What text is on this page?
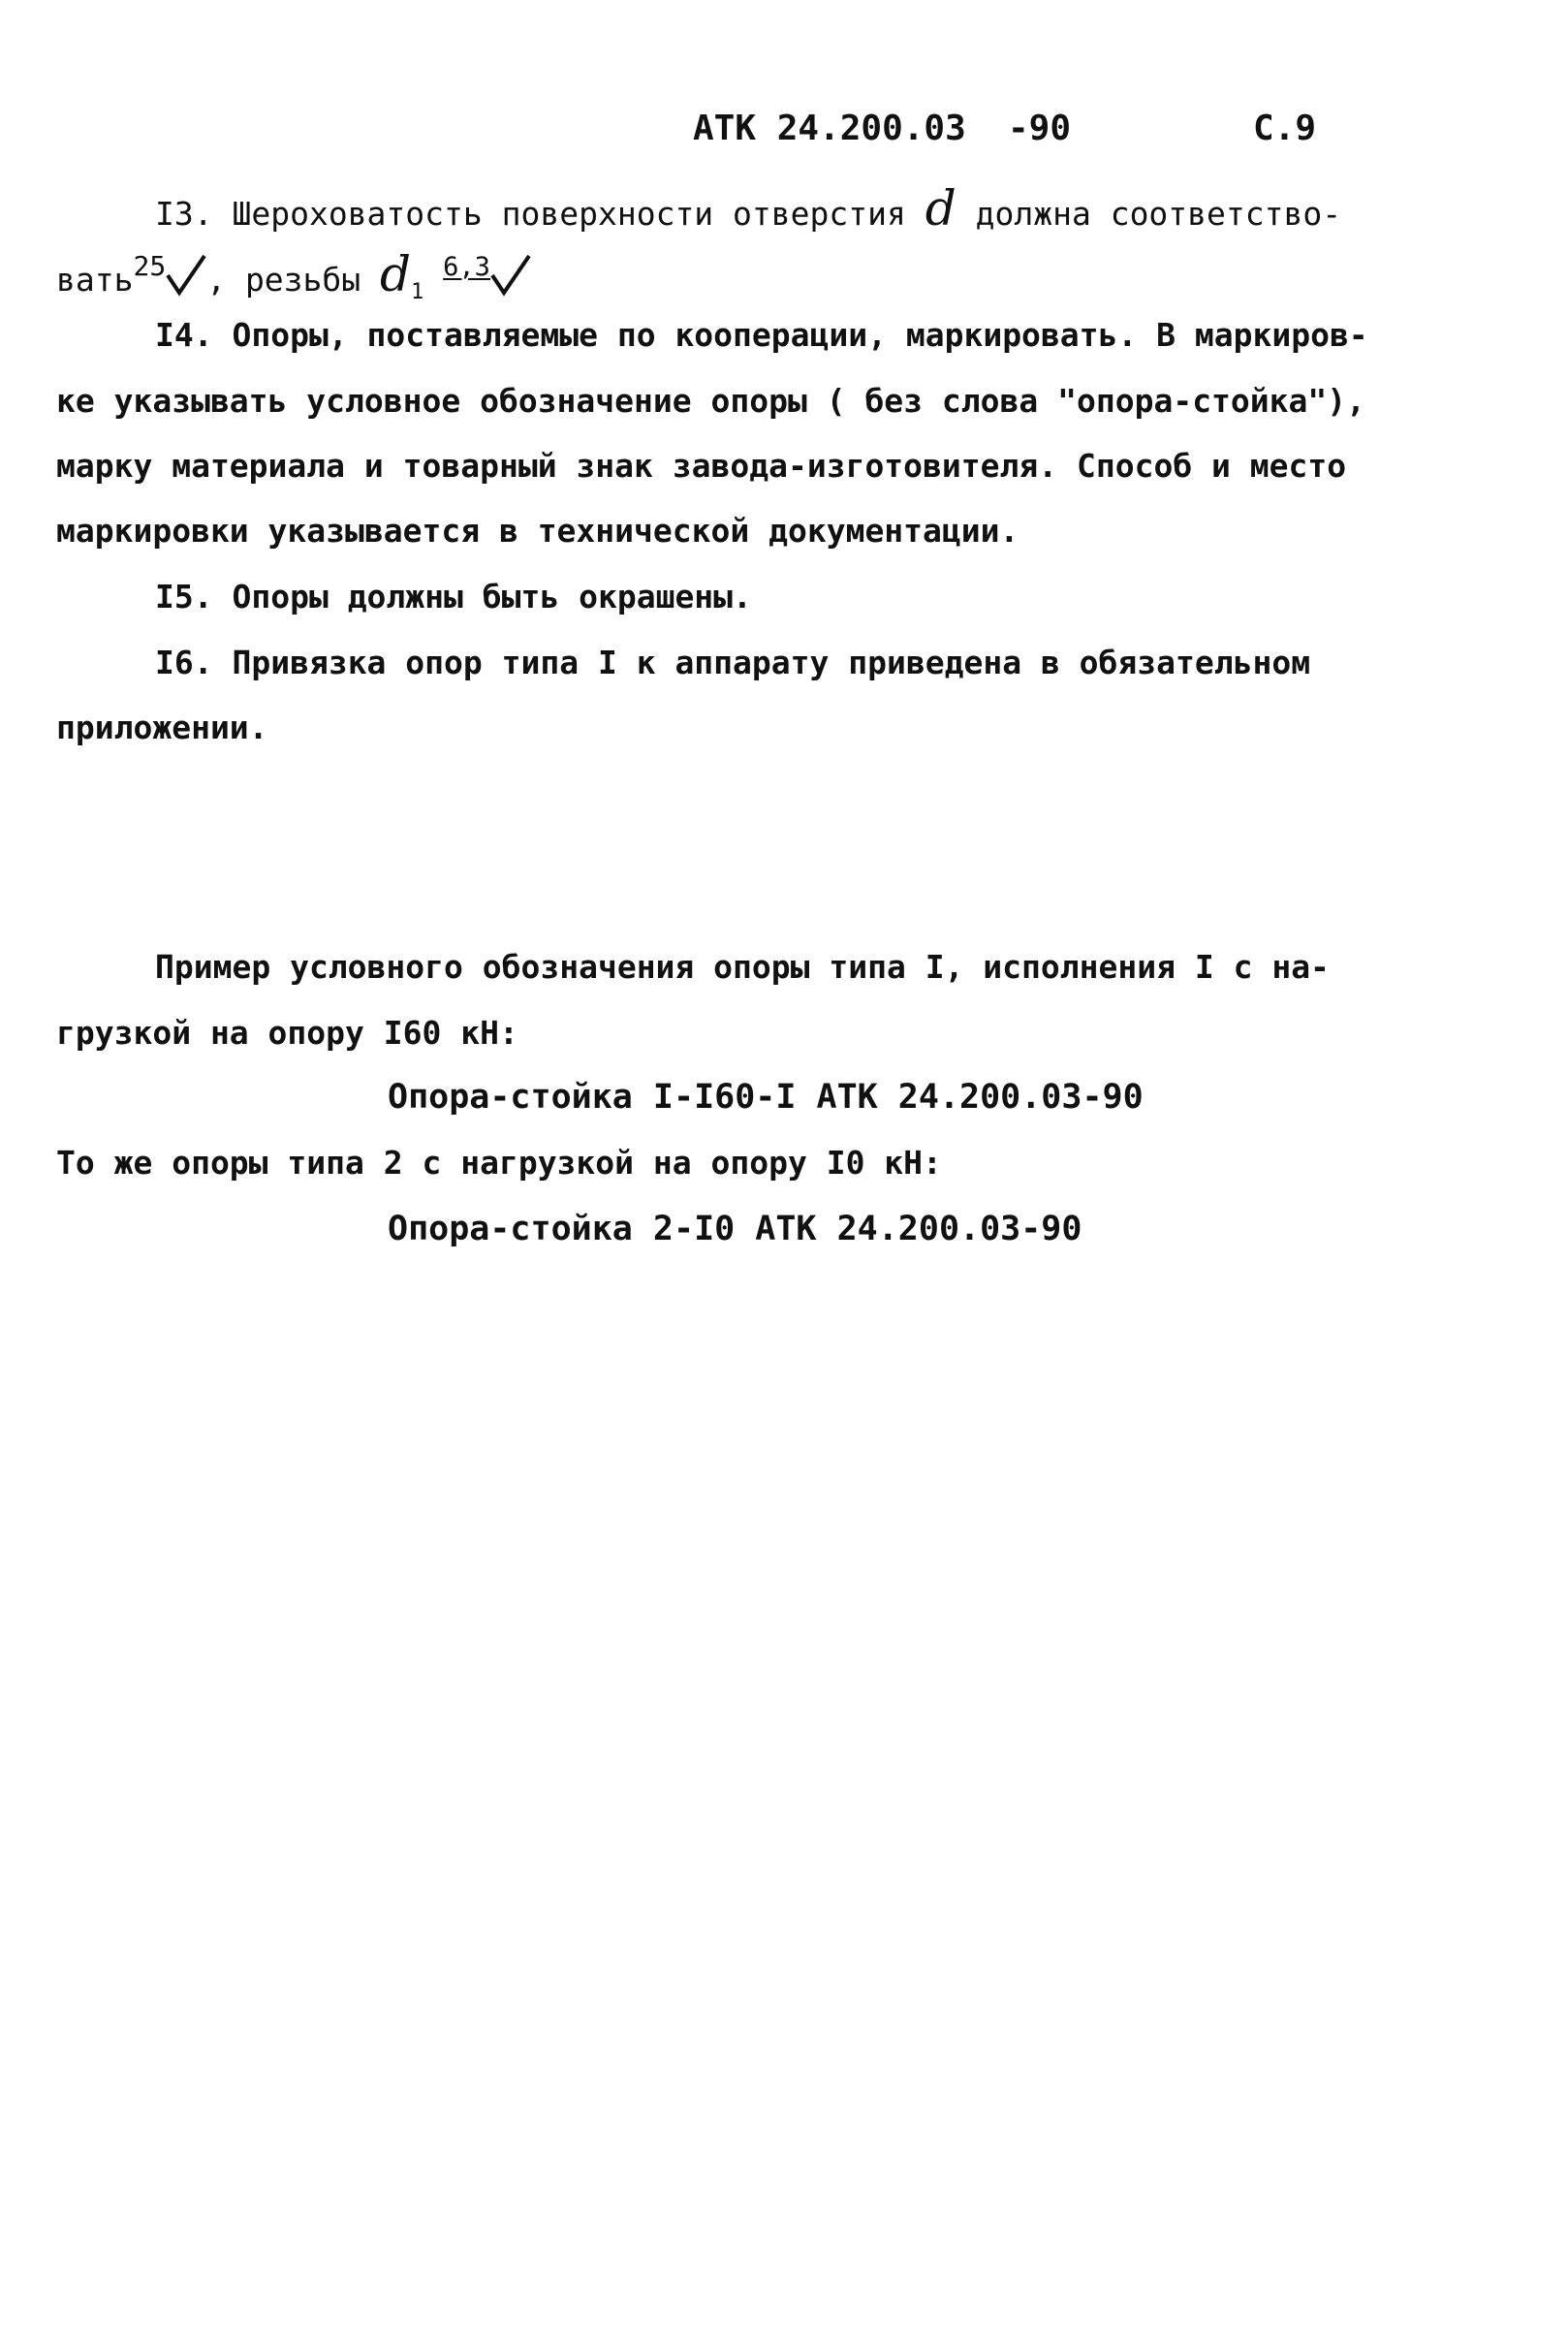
АТК 24.200.03 -90	С.9
I3. Шероховатость поверхности отверстия d должна соответство-
вать$^{25}$ , резьбы $d_1$ 6,3
I4. Опоры, поставляемые по кооперации, маркировать. В маркиров-
ке указывать условное обозначение опоры ( без слова "опора-стойка"),
марку материала и товарный знак завода-изготовителя. Способ и место
маркировки указывается в технической документации.
I5. Опоры должны быть окрашены.
I6. Привязка опор типа I к аппарату приведена в обязательном
приложении.
Пример условного обозначения опоры типа I, исполнения I с на-
грузкой на опору I60 кН:
Опора-стойка I-I60-I АТК 24.200.03-90
То же опоры типа 2 с нагрузкой на опору I0 кН:
Опора-стойка 2-I0 АТК 24.200.03-90
